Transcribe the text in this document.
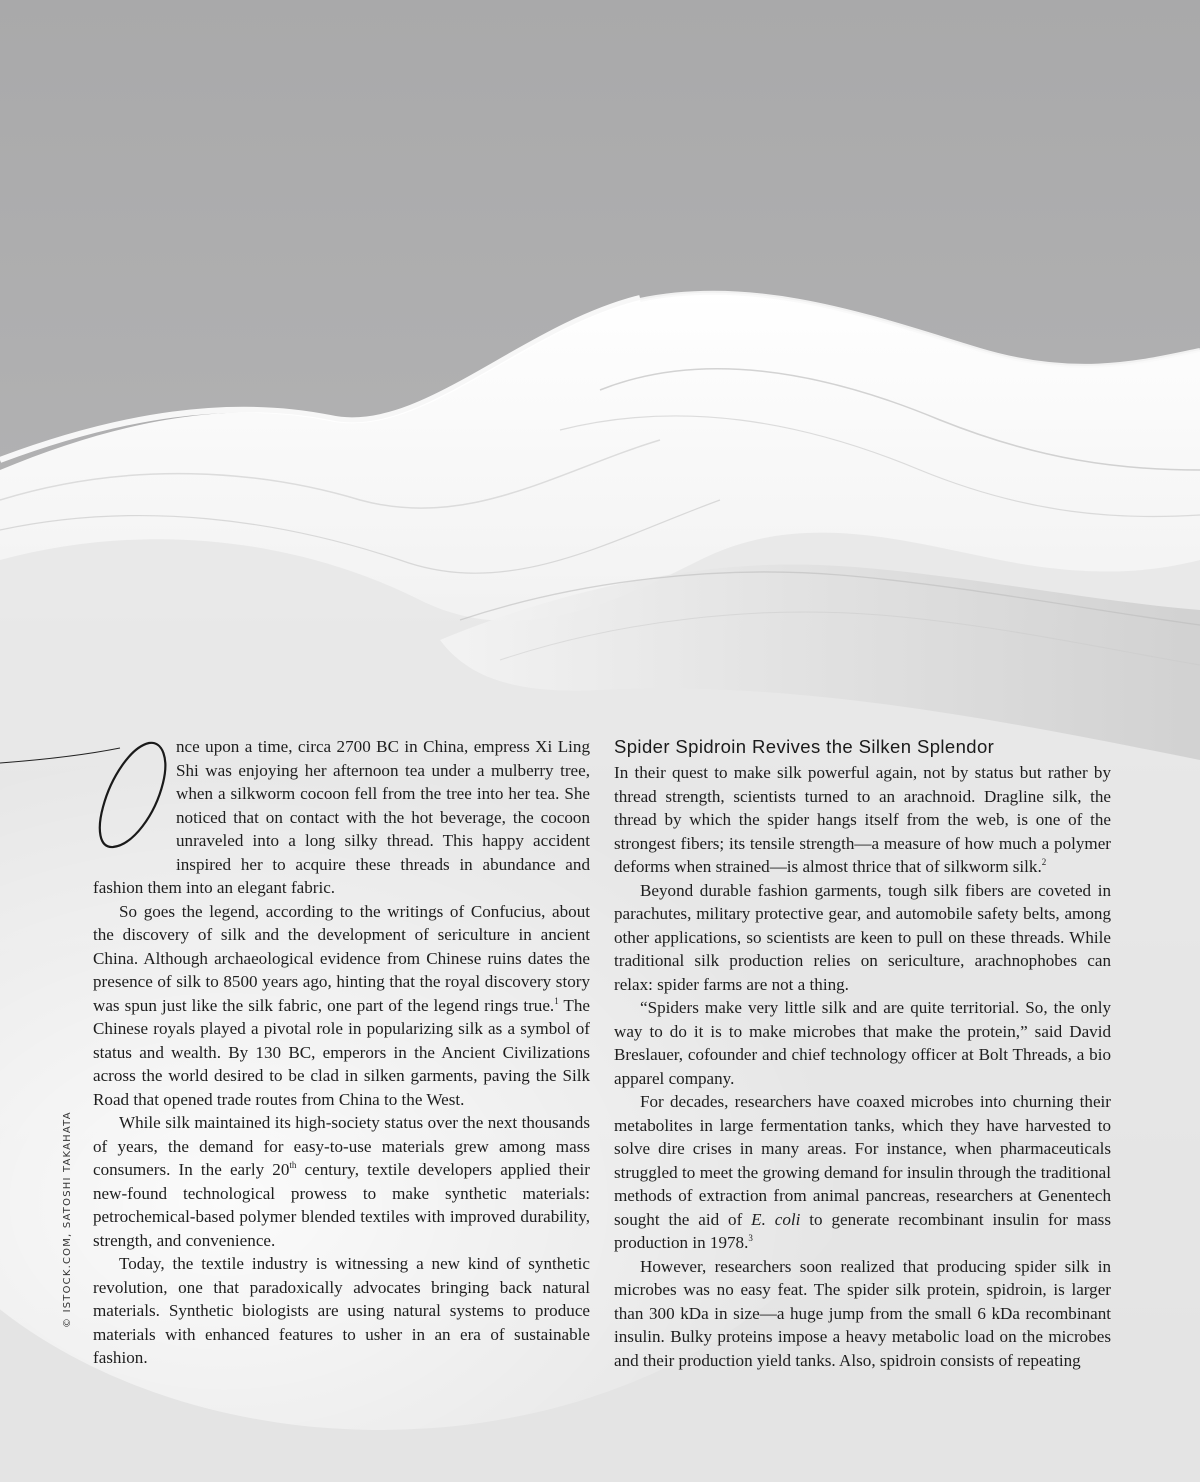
© ISTOCK.COM, SATOSHI TAKAHATA

nce upon a time, circa 2700 BC in China, empress Xi Ling Shi was enjoying her afternoon tea under a mulberry tree, when a silkworm cocoon fell from the tree into her tea. She noticed that on contact with the hot beverage, the cocoon unraveled into a long silky thread. This happy accident inspired her to acquire these threads in abundance and fashion them into an elegant fabric.

So goes the legend, according to the writings of Confucius, about the discovery of silk and the development of sericulture in ancient China. Although archaeological evidence from Chinese ruins dates the presence of silk to 8500 years ago, hinting that the royal discovery story was spun just like the silk fabric, one part of the legend rings true.$^1$ The Chinese royals played a pivotal role in popularizing silk as a symbol of status and wealth. By 130 BC, emperors in the Ancient Civilizations across the world desired to be clad in silken garments, paving the Silk Road that opened trade routes from China to the West.

While silk maintained its high-society status over the next thousands of years, the demand for easy-to-use materials grew among mass consumers. In the early 20th century, textile developers applied their new-found technological prowess to make synthetic materials: petrochemical-based polymer blended textiles with improved durability, strength, and convenience.

Today, the textile industry is witnessing a new kind of synthetic revolution, one that paradoxically advocates bringing back natural materials. Synthetic biologists are using natural systems to produce materials with enhanced features to usher in an era of sustainable fashion.

Spider Spidroin Revives the Silken Splendor

In their quest to make silk powerful again, not by status but rather by thread strength, scientists turned to an arachnoid. Dragline silk, the thread by which the spider hangs itself from the web, is one of the strongest fibers; its tensile strength—a measure of how much a polymer deforms when strained—is almost thrice that of silkworm silk.$^2$

Beyond durable fashion garments, tough silk fibers are coveted in parachutes, military protective gear, and automobile safety belts, among other applications, so scientists are keen to pull on these threads. While traditional silk production relies on sericulture, arachnophobes can relax: spider farms are not a thing.

“Spiders make very little silk and are quite territorial. So, the only way to do it is to make microbes that make the protein,” said David Breslauer, cofounder and chief technology officer at Bolt Threads, a bio apparel company.

For decades, researchers have coaxed microbes into churning their metabolites in large fermentation tanks, which they have harvested to solve dire crises in many areas. For instance, when pharmaceuticals struggled to meet the growing demand for insulin through the traditional methods of extraction from animal pancreas, researchers at Genentech sought the aid of E. coli to generate recombinant insulin for mass production in 1978.$^3$

However, researchers soon realized that producing spider silk in microbes was no easy feat. The spider silk protein, spidroin, is larger than 300 kDa in size—a huge jump from the small 6 kDa recombinant insulin. Bulky proteins impose a heavy metabolic load on the microbes and their production yield tanks. Also, spidroin consists of repeating
